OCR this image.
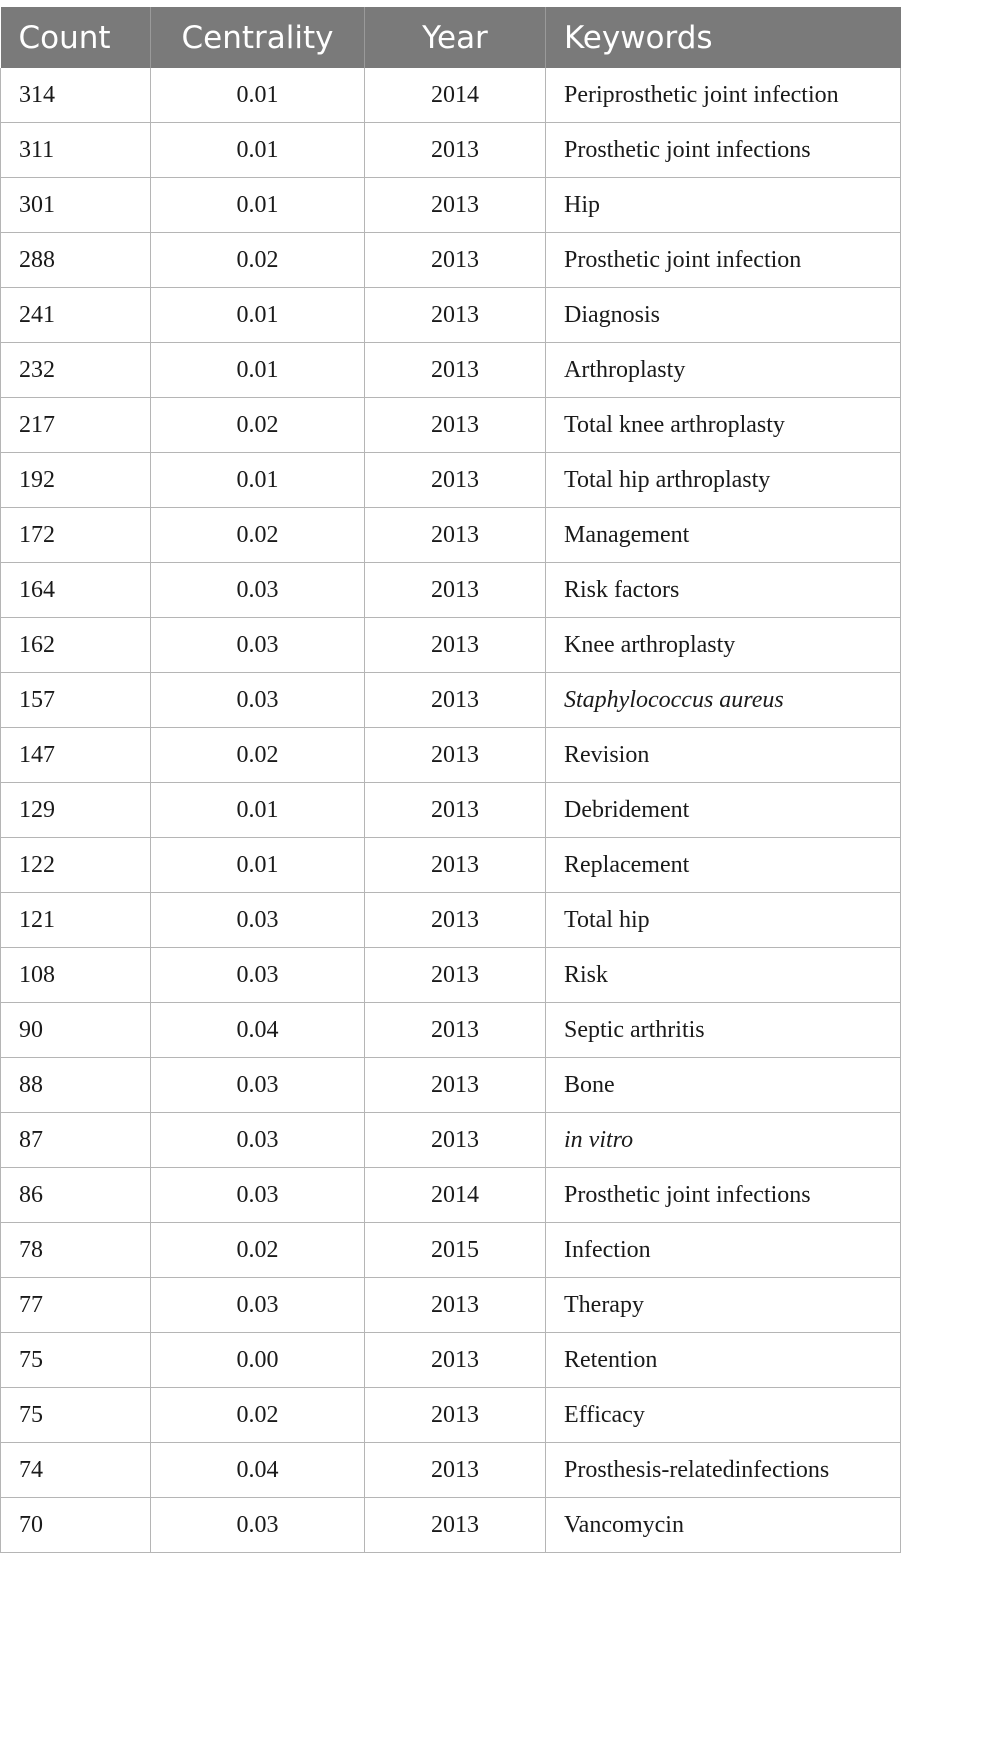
Count	Centrality	Year	Keywords
314	0.01	2014	Periprosthetic joint infection
311	0.01	2013	Prosthetic joint infections
301	0.01	2013	Hip
288	0.02	2013	Prosthetic joint infection
241	0.01	2013	Diagnosis
232	0.01	2013	Arthroplasty
217	0.02	2013	Total knee arthroplasty
192	0.01	2013	Total hip arthroplasty
172	0.02	2013	Management
164	0.03	2013	Risk factors
162	0.03	2013	Knee arthroplasty
157	0.03	2013	Staphylococcus aureus
147	0.02	2013	Revision
129	0.01	2013	Debridement
122	0.01	2013	Replacement
121	0.03	2013	Total hip
108	0.03	2013	Risk
90	0.04	2013	Septic arthritis
88	0.03	2013	Bone
87	0.03	2013	in vitro
86	0.03	2014	Prosthetic joint infections
78	0.02	2015	Infection
77	0.03	2013	Therapy
75	0.00	2013	Retention
75	0.02	2013	Efficacy
74	0.04	2013	Prosthesis-relatedinfections
70	0.03	2013	Vancomycin
